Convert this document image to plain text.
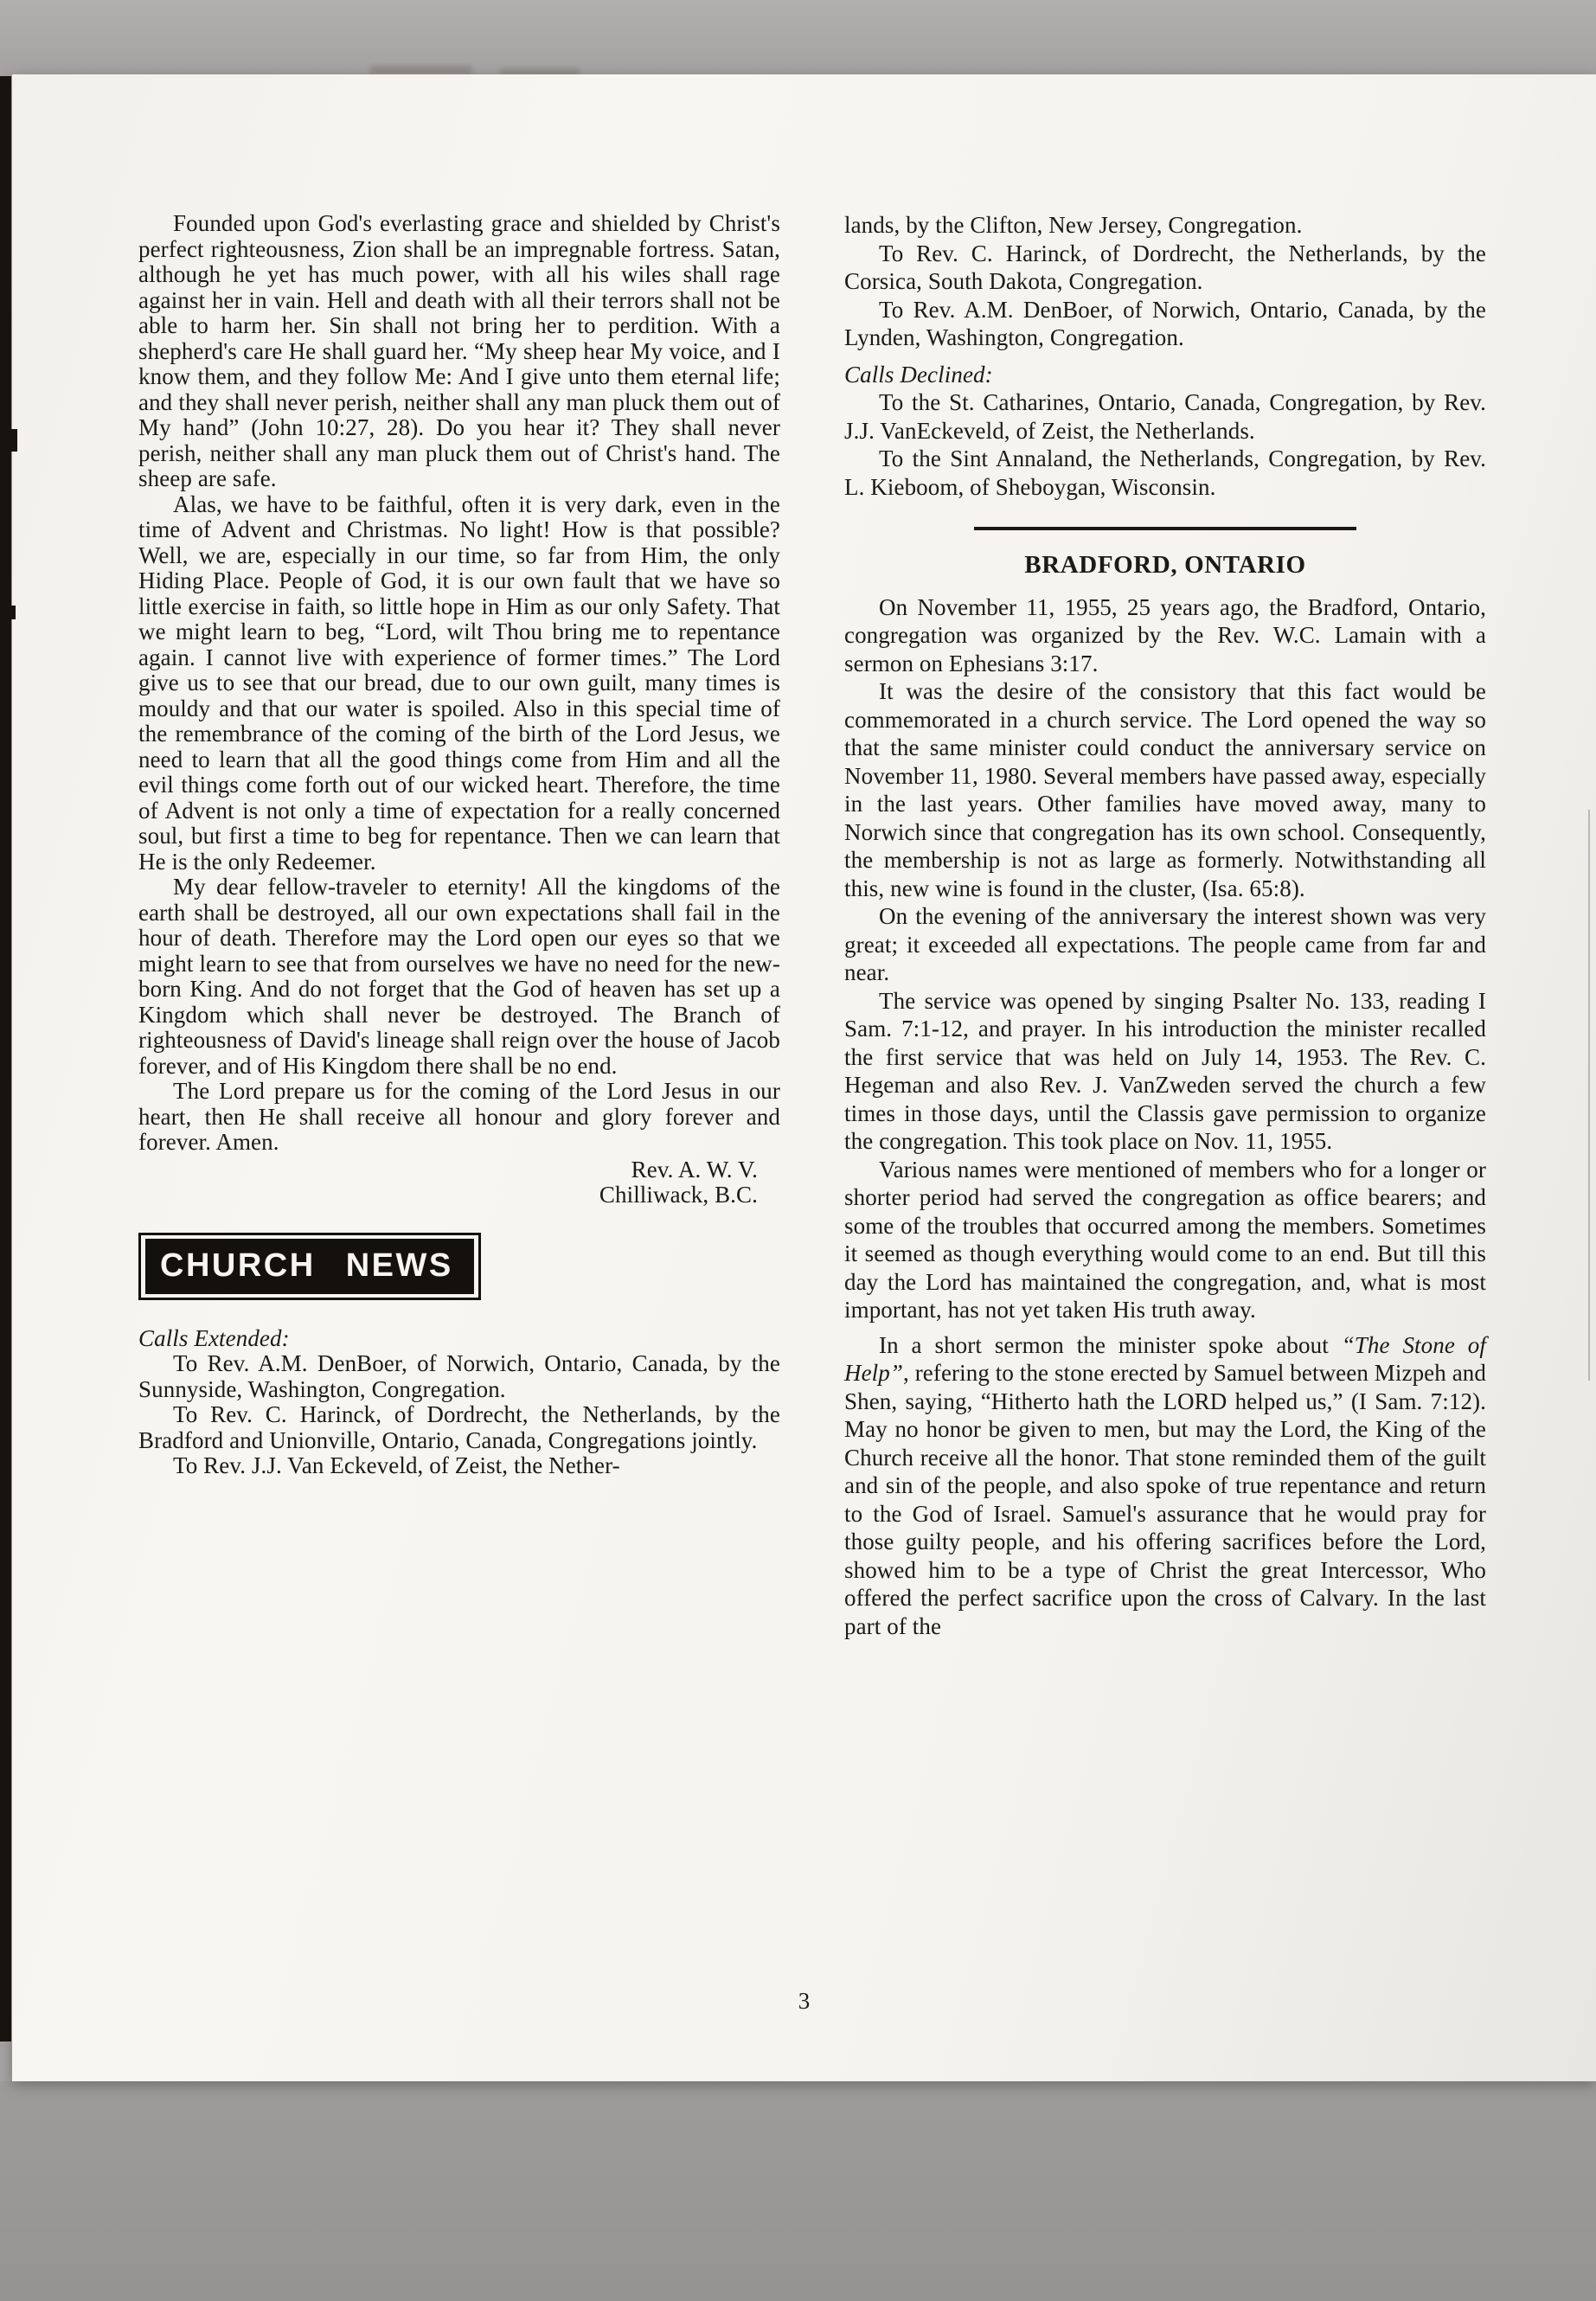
Founded upon God's everlasting grace and shielded by Christ's perfect righteousness, Zion shall be an impregnable fortress. Satan, although he yet has much power, with all his wiles shall rage against her in vain. Hell and death with all their terrors shall not be able to harm her. Sin shall not bring her to perdition. With a shepherd's care He shall guard her. “My sheep hear My voice, and I know them, and they follow Me: And I give unto them eternal life; and they shall never perish, neither shall any man pluck them out of My hand” (John 10:27, 28). Do you hear it? They shall never perish, neither shall any man pluck them out of Christ's hand. The sheep are safe.

Alas, we have to be faithful, often it is very dark, even in the time of Advent and Christmas. No light! How is that possible? Well, we are, especially in our time, so far from Him, the only Hiding Place. People of God, it is our own fault that we have so little exercise in faith, so little hope in Him as our only Safety. That we might learn to beg, “Lord, wilt Thou bring me to repentance again. I cannot live with experience of former times.” The Lord give us to see that our bread, due to our own guilt, many times is mouldy and that our water is spoiled. Also in this special time of the remembrance of the coming of the birth of the Lord Jesus, we need to learn that all the good things come from Him and all the evil things come forth out of our wicked heart. Therefore, the time of Advent is not only a time of expectation for a really concerned soul, but first a time to beg for repentance. Then we can learn that He is the only Redeemer.

My dear fellow-traveler to eternity! All the kingdoms of the earth shall be destroyed, all our own expectations shall fail in the hour of death. Therefore may the Lord open our eyes so that we might learn to see that from ourselves we have no need for the new-born King. And do not forget that the God of heaven has set up a Kingdom which shall never be destroyed. The Branch of righteousness of David's lineage shall reign over the house of Jacob forever, and of His Kingdom there shall be no end.

The Lord prepare us for the coming of the Lord Jesus in our heart, then He shall receive all honour and glory forever and forever. Amen.

Rev. A. W. V.
Chilliwack, B.C.
CHURCH NEWS

Calls Extended:

To Rev. A.M. DenBoer, of Norwich, Ontario, Canada, by the Sunnyside, Washington, Congregation.

To Rev. C. Harinck, of Dordrecht, the Netherlands, by the Bradford and Unionville, Ontario, Canada, Congregations jointly.

To Rev. J.J. Van Eckeveld, of Zeist, the Nether-

lands, by the Clifton, New Jersey, Congregation.

To Rev. C. Harinck, of Dordrecht, the Netherlands, by the Corsica, South Dakota, Congregation.

To Rev. A.M. DenBoer, of Norwich, Ontario, Canada, by the Lynden, Washington, Congregation.

Calls Declined:

To the St. Catharines, Ontario, Canada, Congregation, by Rev. J.J. VanEckeveld, of Zeist, the Netherlands.

To the Sint Annaland, the Netherlands, Congregation, by Rev. L. Kieboom, of Sheboygan, Wisconsin.

BRADFORD, ONTARIO

On November 11, 1955, 25 years ago, the Bradford, Ontario, congregation was organized by the Rev. W.C. Lamain with a sermon on Ephesians 3:17.

It was the desire of the consistory that this fact would be commemorated in a church service. The Lord opened the way so that the same minister could conduct the anniversary service on November 11, 1980. Several members have passed away, especially in the last years. Other families have moved away, many to Norwich since that congregation has its own school. Consequently, the membership is not as large as formerly. Notwithstanding all this, new wine is found in the cluster, (Isa. 65:8).

On the evening of the anniversary the interest shown was very great; it exceeded all expectations. The people came from far and near.

The service was opened by singing Psalter No. 133, reading I Sam. 7:1-12, and prayer. In his introduction the minister recalled the first service that was held on July 14, 1953. The Rev. C. Hegeman and also Rev. J. VanZweden served the church a few times in those days, until the Classis gave permission to organize the congregation. This took place on Nov. 11, 1955.

Various names were mentioned of members who for a longer or shorter period had served the congregation as office bearers; and some of the troubles that occurred among the members. Sometimes it seemed as though everything would come to an end. But till this day the Lord has maintained the congregation, and, what is most important, has not yet taken His truth away.

In a short sermon the minister spoke about “The Stone of Help”, refering to the stone erected by Samuel between Mizpeh and Shen, saying, “Hitherto hath the LORD helped us,” (I Sam. 7:12). May no honor be given to men, but may the Lord, the King of the Church receive all the honor. That stone reminded them of the guilt and sin of the people, and also spoke of true repentance and return to the God of Israel. Samuel's assurance that he would pray for those guilty people, and his offering sacrifices before the Lord, showed him to be a type of Christ the great Intercessor, Who offered the perfect sacrifice upon the cross of Calvary. In the last part of the

3
